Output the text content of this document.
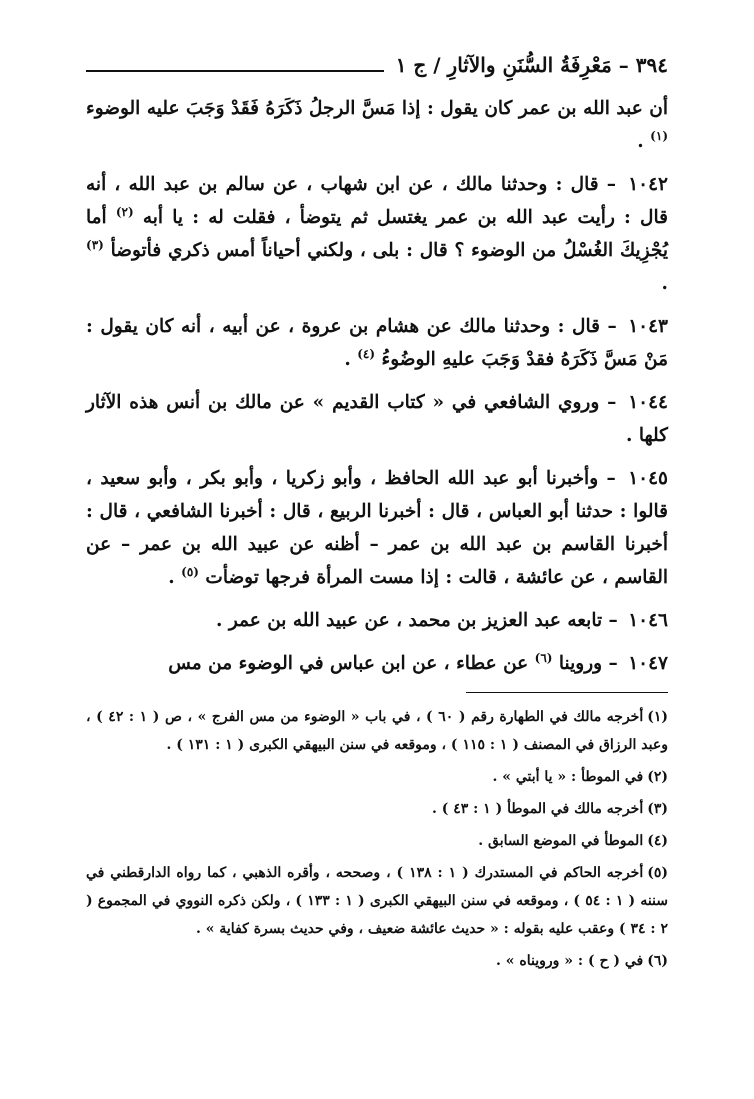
٣٩٤ – مَعْرِفَةُ السُّنَنِ والآثارِ / ج ١

أن عبد الله بن عمر كان يقول : إذا مَسَّ الرجلُ ذَكَرَهُ فَقَدْ وَجَبَ عليه الوضوء $^{(١)}$ .

١٠٤٢ – قال : وحدثنا مالك ، عن ابن شهاب ، عن سالم بن عبد الله ، أنه قال : رأيت عبد الله بن عمر يغتسل ثم يتوضأ ، فقلت له : يا أبه $^{(٢)}$ أما يُجْزِيكَ الغُسْلُ من الوضوء ؟ قال : بلى ، ولكني أحياناً أمس ذكري فأتوضأ $^{(٣)}$ .

١٠٤٣ – قال : وحدثنا مالك عن هشام بن عروة ، عن أبيه ، أنه كان يقول : مَنْ مَسَّ ذَكَرَهُ فقدْ وَجَبَ عليهِ الوضُوءُ $^{(٤)}$ .

١٠٤٤ – وروي الشافعي في « كتاب القديم » عن مالك بن أنس هذه الآثار كلها .

١٠٤٥ – وأخبرنا أبو عبد الله الحافظ ، وأبو زكريا ، وأبو بكر ، وأبو سعيد ، قالوا : حدثنا أبو العباس ، قال : أخبرنا الربيع ، قال : أخبرنا الشافعي ، قال : أخبرنا القاسم بن عبد الله بن عمر – أظنه عن عبيد الله بن عمر – عن القاسم ، عن عائشة ، قالت : إذا مست المرأة فرجها توضأت $^{(٥)}$ .

١٠٤٦ – تابعه عبد العزيز بن محمد ، عن عبيد الله بن عمر .

١٠٤٧ – وروينا $^{(٦)}$ عن عطاء ، عن ابن عباس في الوضوء من مس

(١)أخرجه مالك في الطهارة رقم ( ٦٠ ) ، في باب « الوضوء من مس الفرج » ، ص ( ١ : ٤٢ ) ، وعبد الرزاق في المصنف ( ١ : ١١٥ ) ، وموقعه في سنن البيهقي الكبرى ( ١ : ١٣١ ) .

(٢)في الموطأ : « يا أبتي » .

(٣)أخرجه مالك في الموطأ ( ١ : ٤٣ ) .

(٤)الموطأ في الموضع السابق .

(٥)أخرجه الحاكم في المستدرك ( ١ : ١٣٨ ) ، وصححه ، وأقره الذهبي ، كما رواه الدارقطني في سننه ( ١ : ٥٤ ) ، وموقعه في سنن البيهقي الكبرى ( ١ : ١٣٣ ) ، ولكن ذكره النووي في المجموع ( ٢ : ٣٤ ) وعقب عليه بقوله : « حديث عائشة ضعيف ، وفي حديث بسرة كفاية » .

(٦)في ( ح ) : « ورويناه » .
